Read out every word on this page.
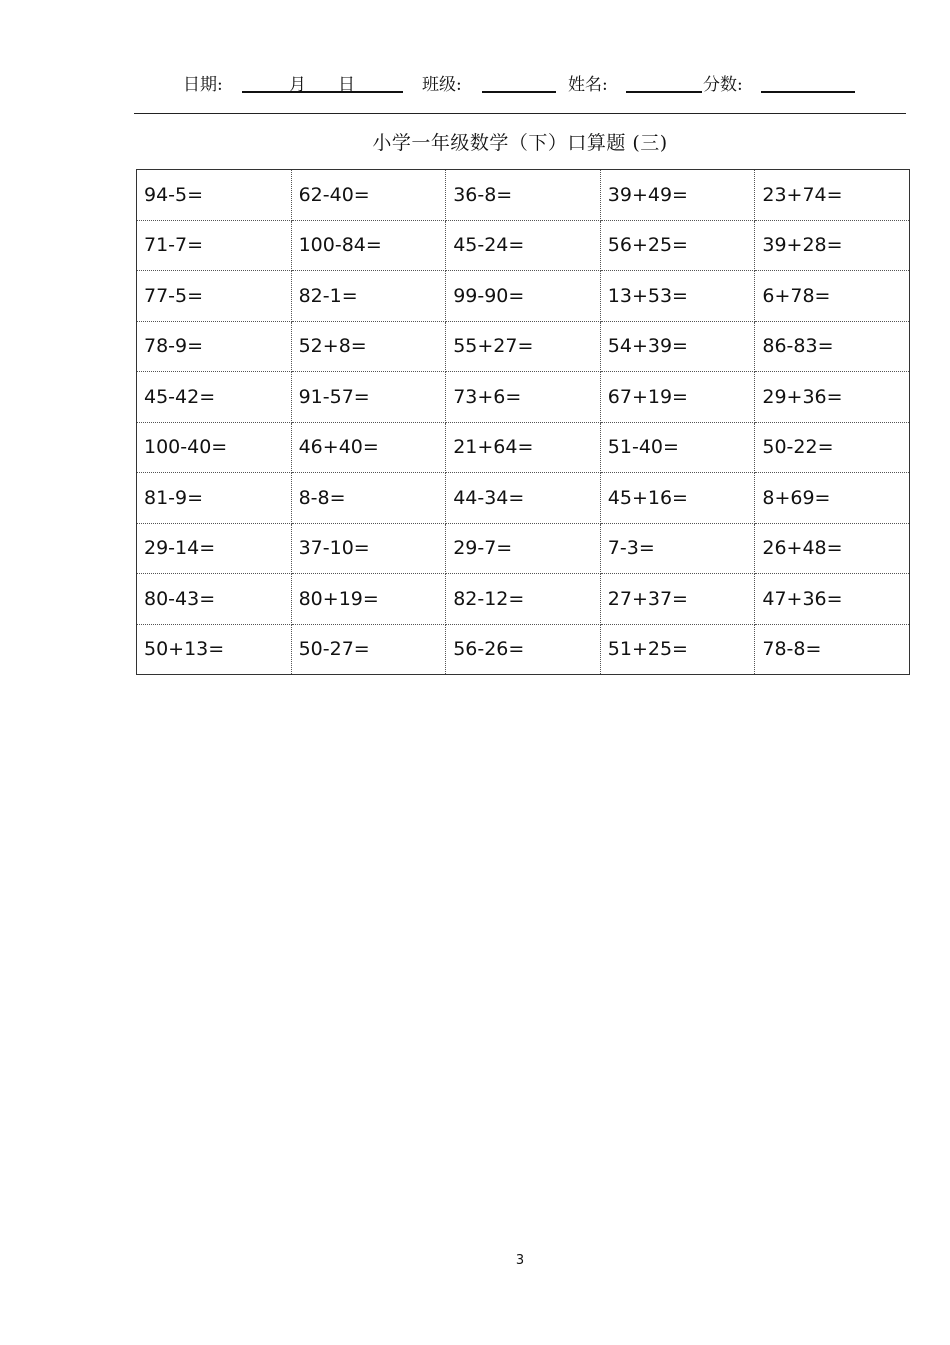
日期:	月 日	班级:	姓名:	分数:
小学一年级数学（下）口算题 (三)
94-5=	62-40=	36-8=	39+49=	23+74=
71-7=	100-84=	45-24=	56+25=	39+28=
77-5=	82-1=	99-90=	13+53=	6+78=
78-9=	52+8=	55+27=	54+39=	86-83=
45-42=	91-57=	73+6=	67+19=	29+36=
100-40=	46+40=	21+64=	51-40=	50-22=
81-9=	8-8=	44-34=	45+16=	8+69=
29-14=	37-10=	29-7=	7-3=	26+48=
80-43=	80+19=	82-12=	27+37=	47+36=
50+13=	50-27=	56-26=	51+25=	78-8=
3
